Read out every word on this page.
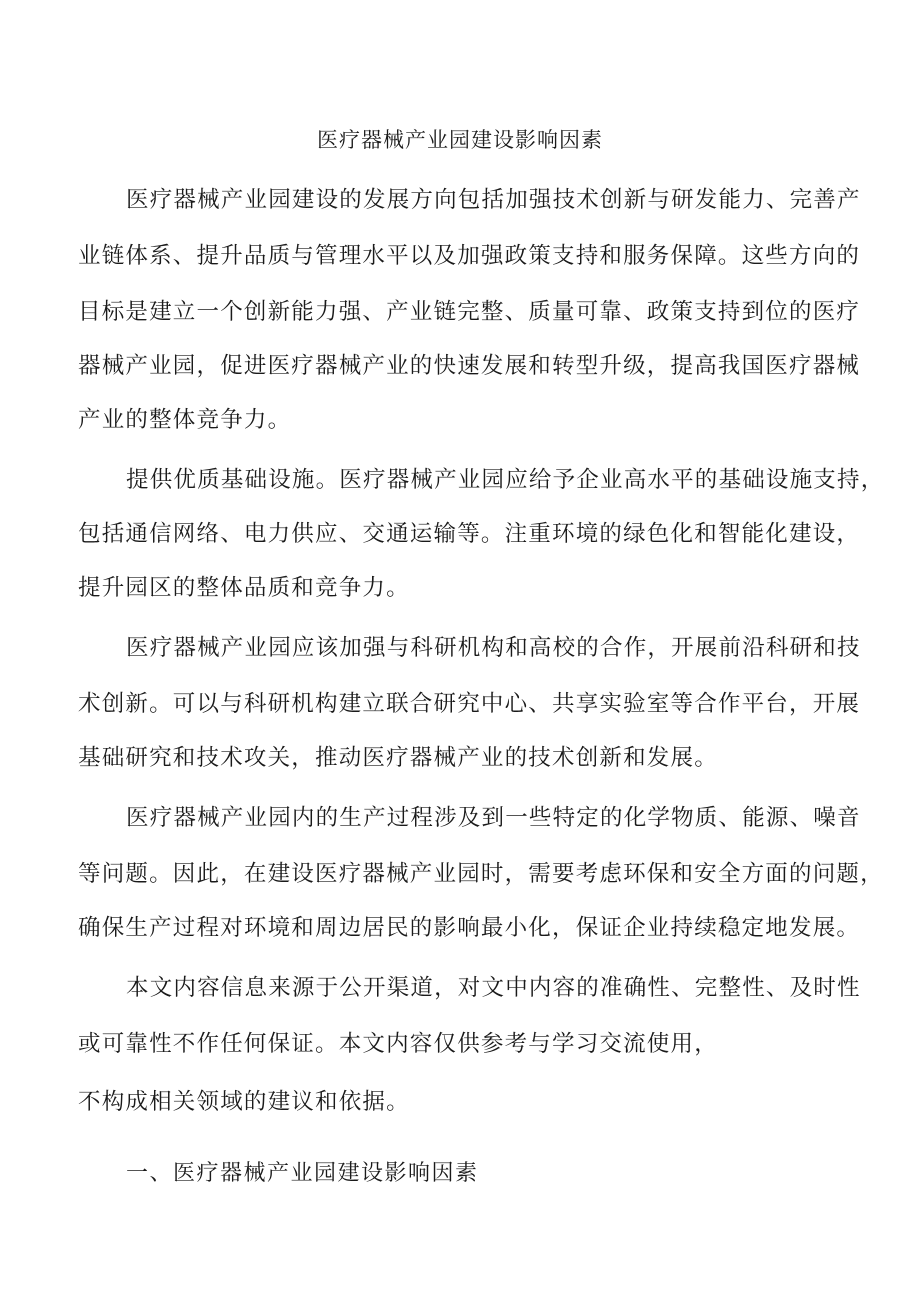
医疗器械产业园建设影响因素
医疗器械产业园建设的发展方向包括加强技术创新与研发能力、完善产
业链体系、提升品质与管理水平以及加强政策支持和服务保障。这些方向的
目标是建立一个创新能力强、产业链完整、质量可靠、政策支持到位的医疗
器械产业园，促进医疗器械产业的快速发展和转型升级，提高我国医疗器械
产业的整体竞争力。
提供优质基础设施。医疗器械产业园应给予企业高水平的基础设施支持，
包括通信网络、电力供应、交通运输等。注重环境的绿色化和智能化建设，
提升园区的整体品质和竞争力。
医疗器械产业园应该加强与科研机构和高校的合作，开展前沿科研和技
术创新。可以与科研机构建立联合研究中心、共享实验室等合作平台，开展
基础研究和技术攻关，推动医疗器械产业的技术创新和发展。
医疗器械产业园内的生产过程涉及到一些特定的化学物质、能源、噪音
等问题。因此，在建设医疗器械产业园时，需要考虑环保和安全方面的问题，
确保生产过程对环境和周边居民的影响最小化，保证企业持续稳定地发展。
本文内容信息来源于公开渠道，对文中内容的准确性、完整性、及时性
或可靠性不作任何保证。本文内容仅供参考与学习交流使用，
不构成相关领域的建议和依据。
一、医疗器械产业园建设影响因素
